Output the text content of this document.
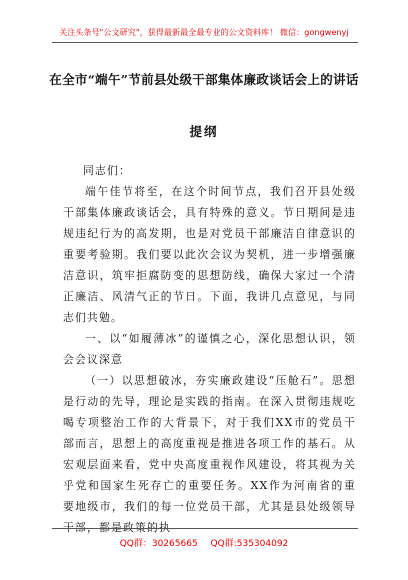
关注头条号"公文研究"，获得最新最全最专业的公文资料库！ 微信：gongwenyj
在全市“端午”节前县处级干部集体廉政谈话会上的讲话
提纲
同志们：

端午佳节将至，在这个时间节点，我们召开县处级干部集体廉政谈话会，具有特殊的意义。节日期间是违规违纪行为的高发期，也是对党员干部廉洁自律意识的重要考验期。我们要以此次会议为契机，进一步增强廉洁意识，筑牢拒腐防变的思想防线，确保大家过一个清正廉洁、风清气正的节日。下面，我讲几点意见，与同志们共勉。

一、以“如履薄冰”的谨慎之心，深化思想认识，领会会议深意

（一）以思想破冰，夯实廉政建设“压舱石”。思想是行动的先导，理论是实践的指南。在深入贯彻违规吃喝专项整治工作的大背景下，对于我们XX市的党员干部而言，思想上的高度重视是推进各项工作的基石。从宏观层面来看，党中央高度重视作风建设，将其视为关乎党和国家生死存亡的重要任务。XX作为河南省的重要地级市，我们的每一位党员干部，尤其是县处级领导干部，都是政策的执

QQ群：30265665 QQ群:535304092
